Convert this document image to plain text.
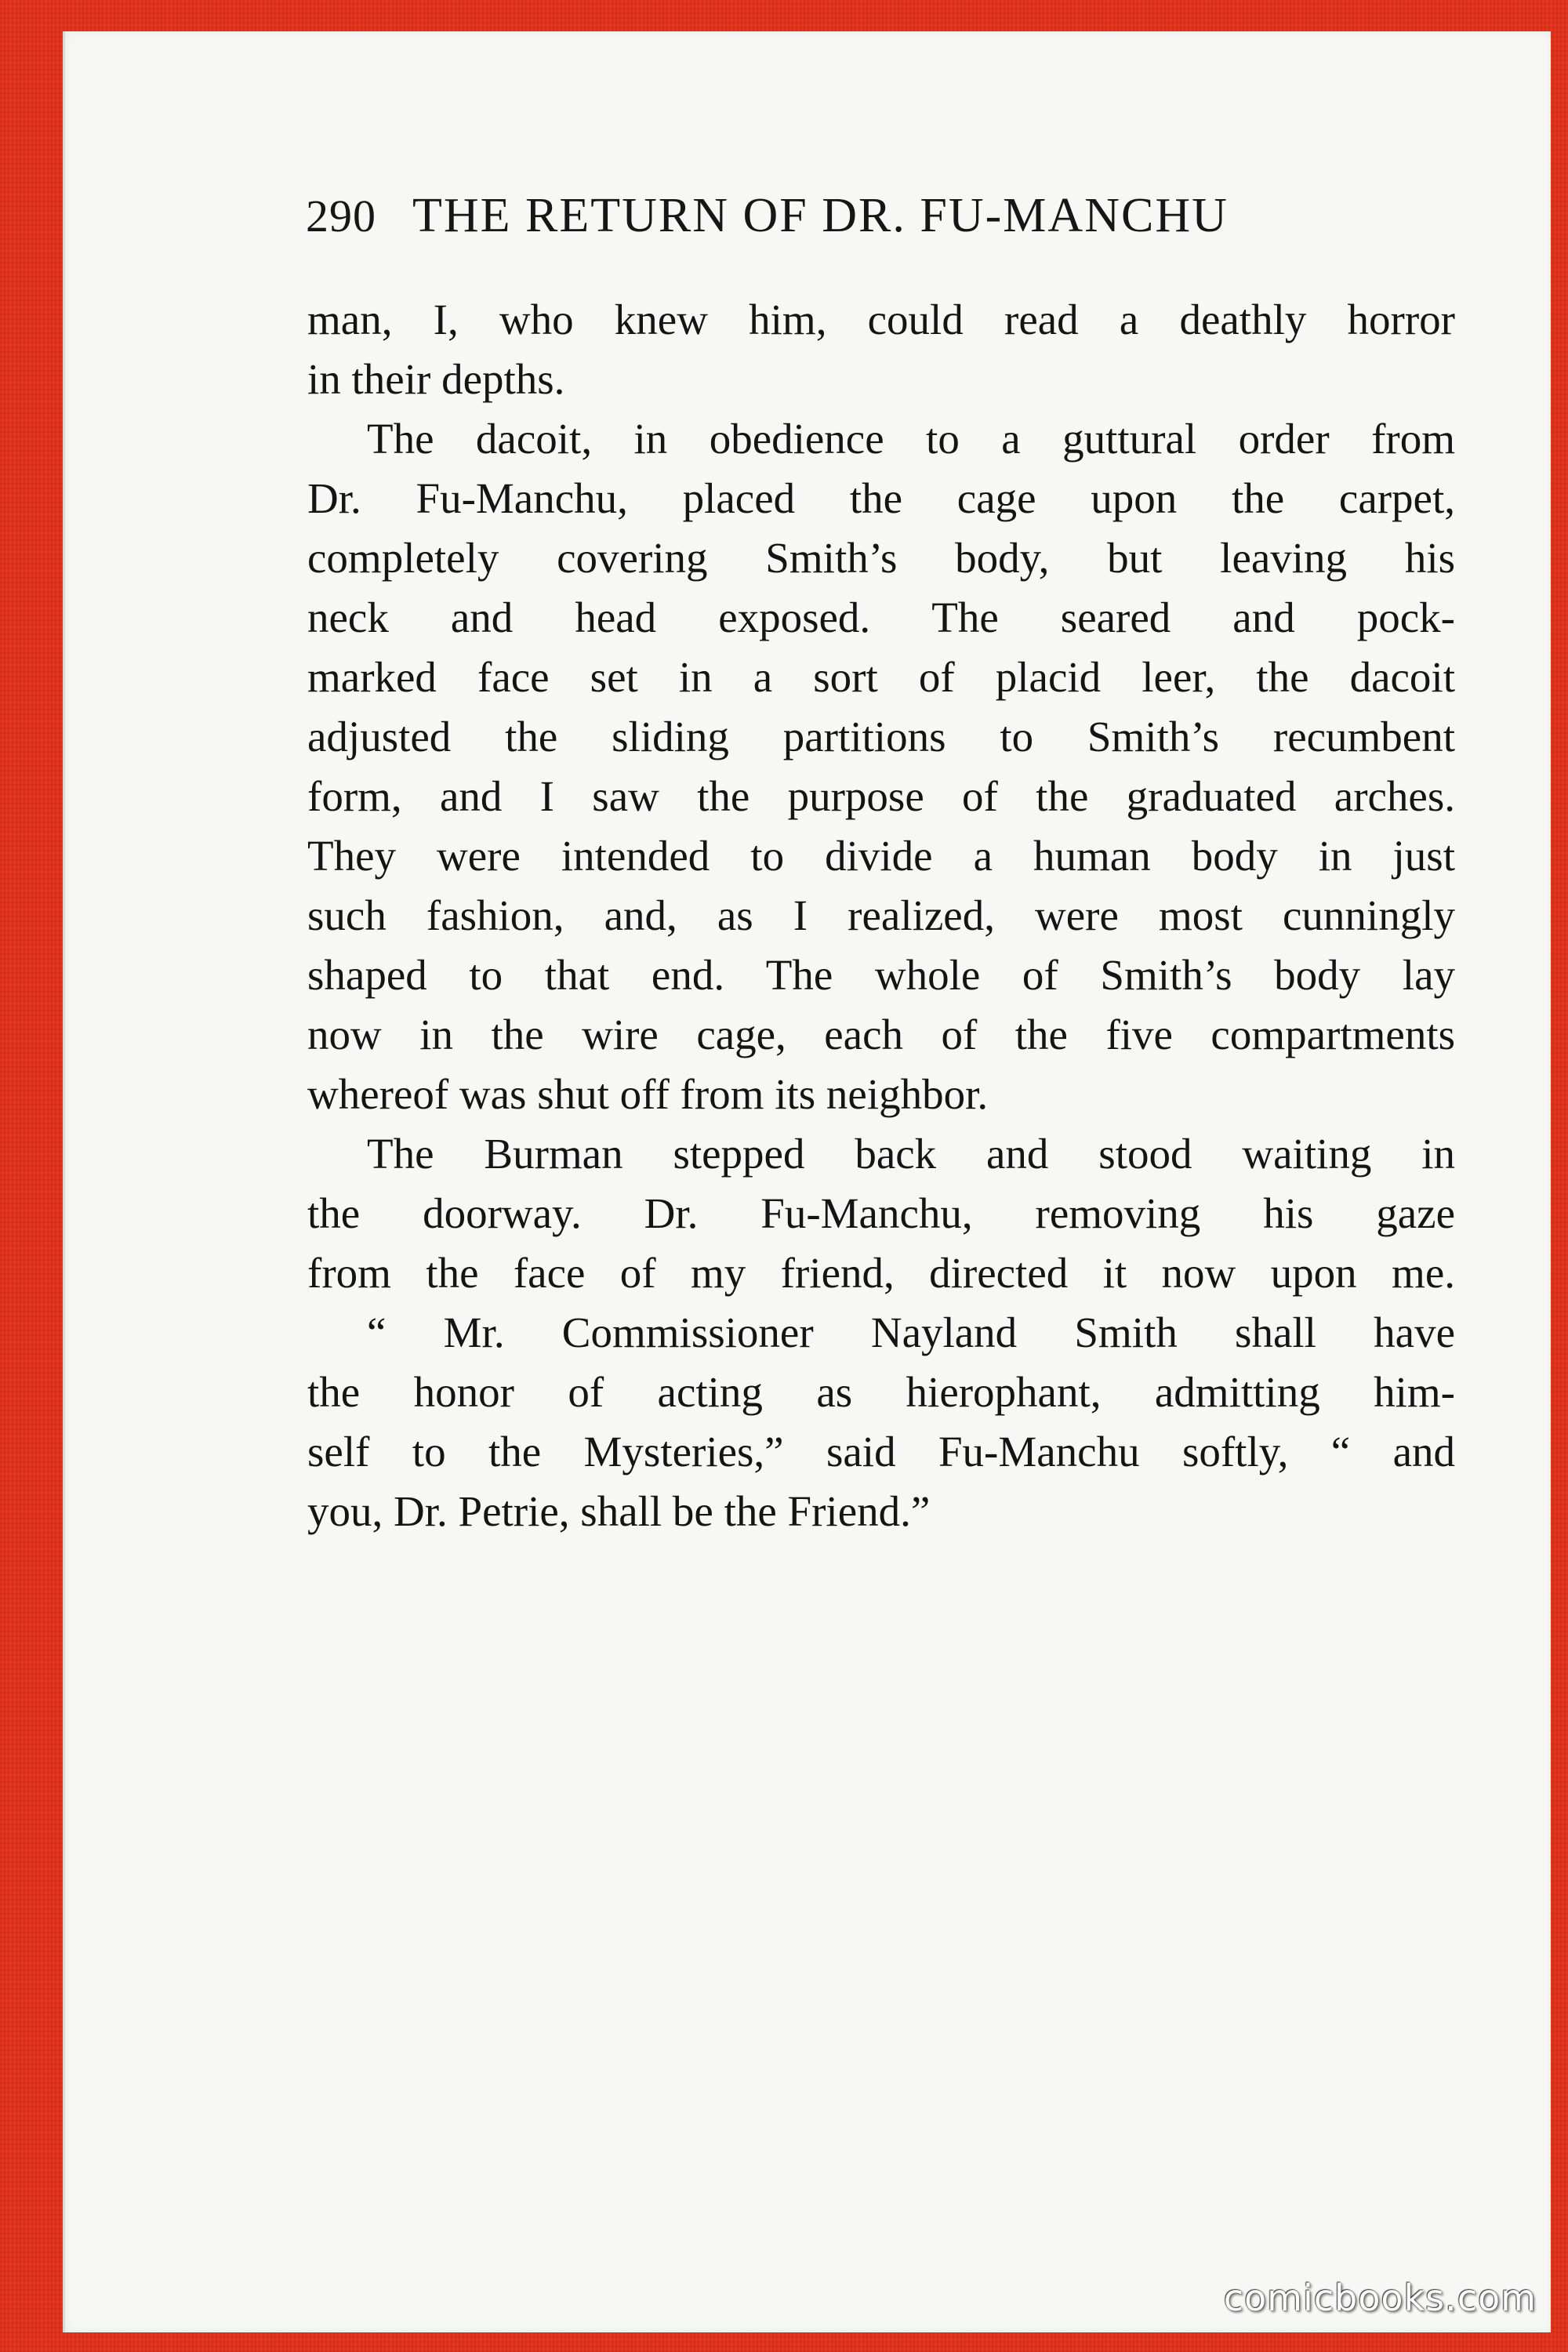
290 THE RETURN OF DR. FU-MANCHU
man, I, who knew him, could read a deathly horror
in their depths.
The dacoit, in obedience to a guttural order from
Dr. Fu-Manchu, placed the cage upon the carpet,
completely covering Smith’s body, but leaving his
neck and head exposed. The seared and pock-
marked face set in a sort of placid leer, the dacoit
adjusted the sliding partitions to Smith’s recumbent
form, and I saw the purpose of the graduated arches.
They were intended to divide a human body in just
such fashion, and, as I realized, were most cunningly
shaped to that end. The whole of Smith’s body lay
now in the wire cage, each of the five compartments
whereof was shut off from its neighbor.
The Burman stepped back and stood waiting in
the doorway. Dr. Fu-Manchu, removing his gaze
from the face of my friend, directed it now upon me.
“ Mr. Commissioner Nayland Smith shall have
the honor of acting as hierophant, admitting him-
self to the Mysteries,” said Fu-Manchu softly, “ and
you, Dr. Petrie, shall be the Friend.”
comicbooks.com
